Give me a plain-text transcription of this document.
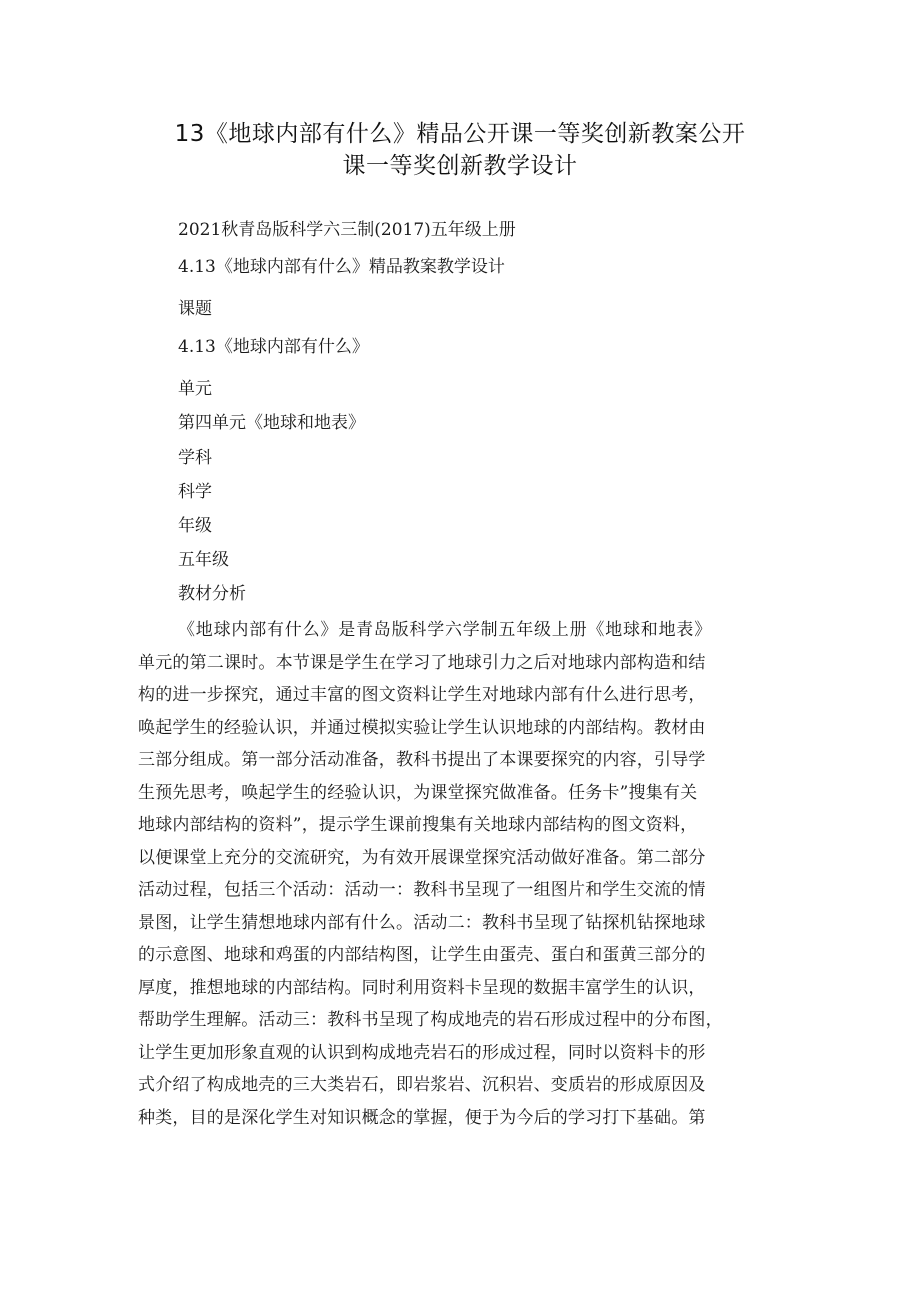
13《地球内部有什么》精品公开课一等奖创新教案公开
课一等奖创新教学设计
2021秋青岛版科学六三制(2017)五年级上册
4.13《地球内部有什么》精品教案教学设计
课题
4.13《地球内部有什么》
单元
第四单元《地球和地表》
学科
科学
年级
五年级
教材分析
《地球内部有什么》是青岛版科学六学制五年级上册《地球和地表》
单元的第二课时。本节课是学生在学习了地球引力之后对地球内部构造和结
构的进一步探究，通过丰富的图文资料让学生对地球内部有什么进行思考，
唤起学生的经验认识，并通过模拟实验让学生认识地球的内部结构。教材由
三部分组成。第一部分活动准备，教科书提出了本课要探究的内容，引导学
生预先思考，唤起学生的经验认识，为课堂探究做准备。任务卡”搜集有关
地球内部结构的资料”，提示学生课前搜集有关地球内部结构的图文资料，
以便课堂上充分的交流研究，为有效开展课堂探究活动做好准备。第二部分
活动过程，包括三个活动：活动一：教科书呈现了一组图片和学生交流的情
景图，让学生猜想地球内部有什么。活动二：教科书呈现了钻探机钻探地球
的示意图、地球和鸡蛋的内部结构图，让学生由蛋壳、蛋白和蛋黄三部分的
厚度，推想地球的内部结构。同时利用资料卡呈现的数据丰富学生的认识，
帮助学生理解。活动三：教科书呈现了构成地壳的岩石形成过程中的分布图，
让学生更加形象直观的认识到构成地壳岩石的形成过程，同时以资料卡的形
式介绍了构成地壳的三大类岩石，即岩浆岩、沉积岩、变质岩的形成原因及
种类，目的是深化学生对知识概念的掌握，便于为今后的学习打下基础。第
